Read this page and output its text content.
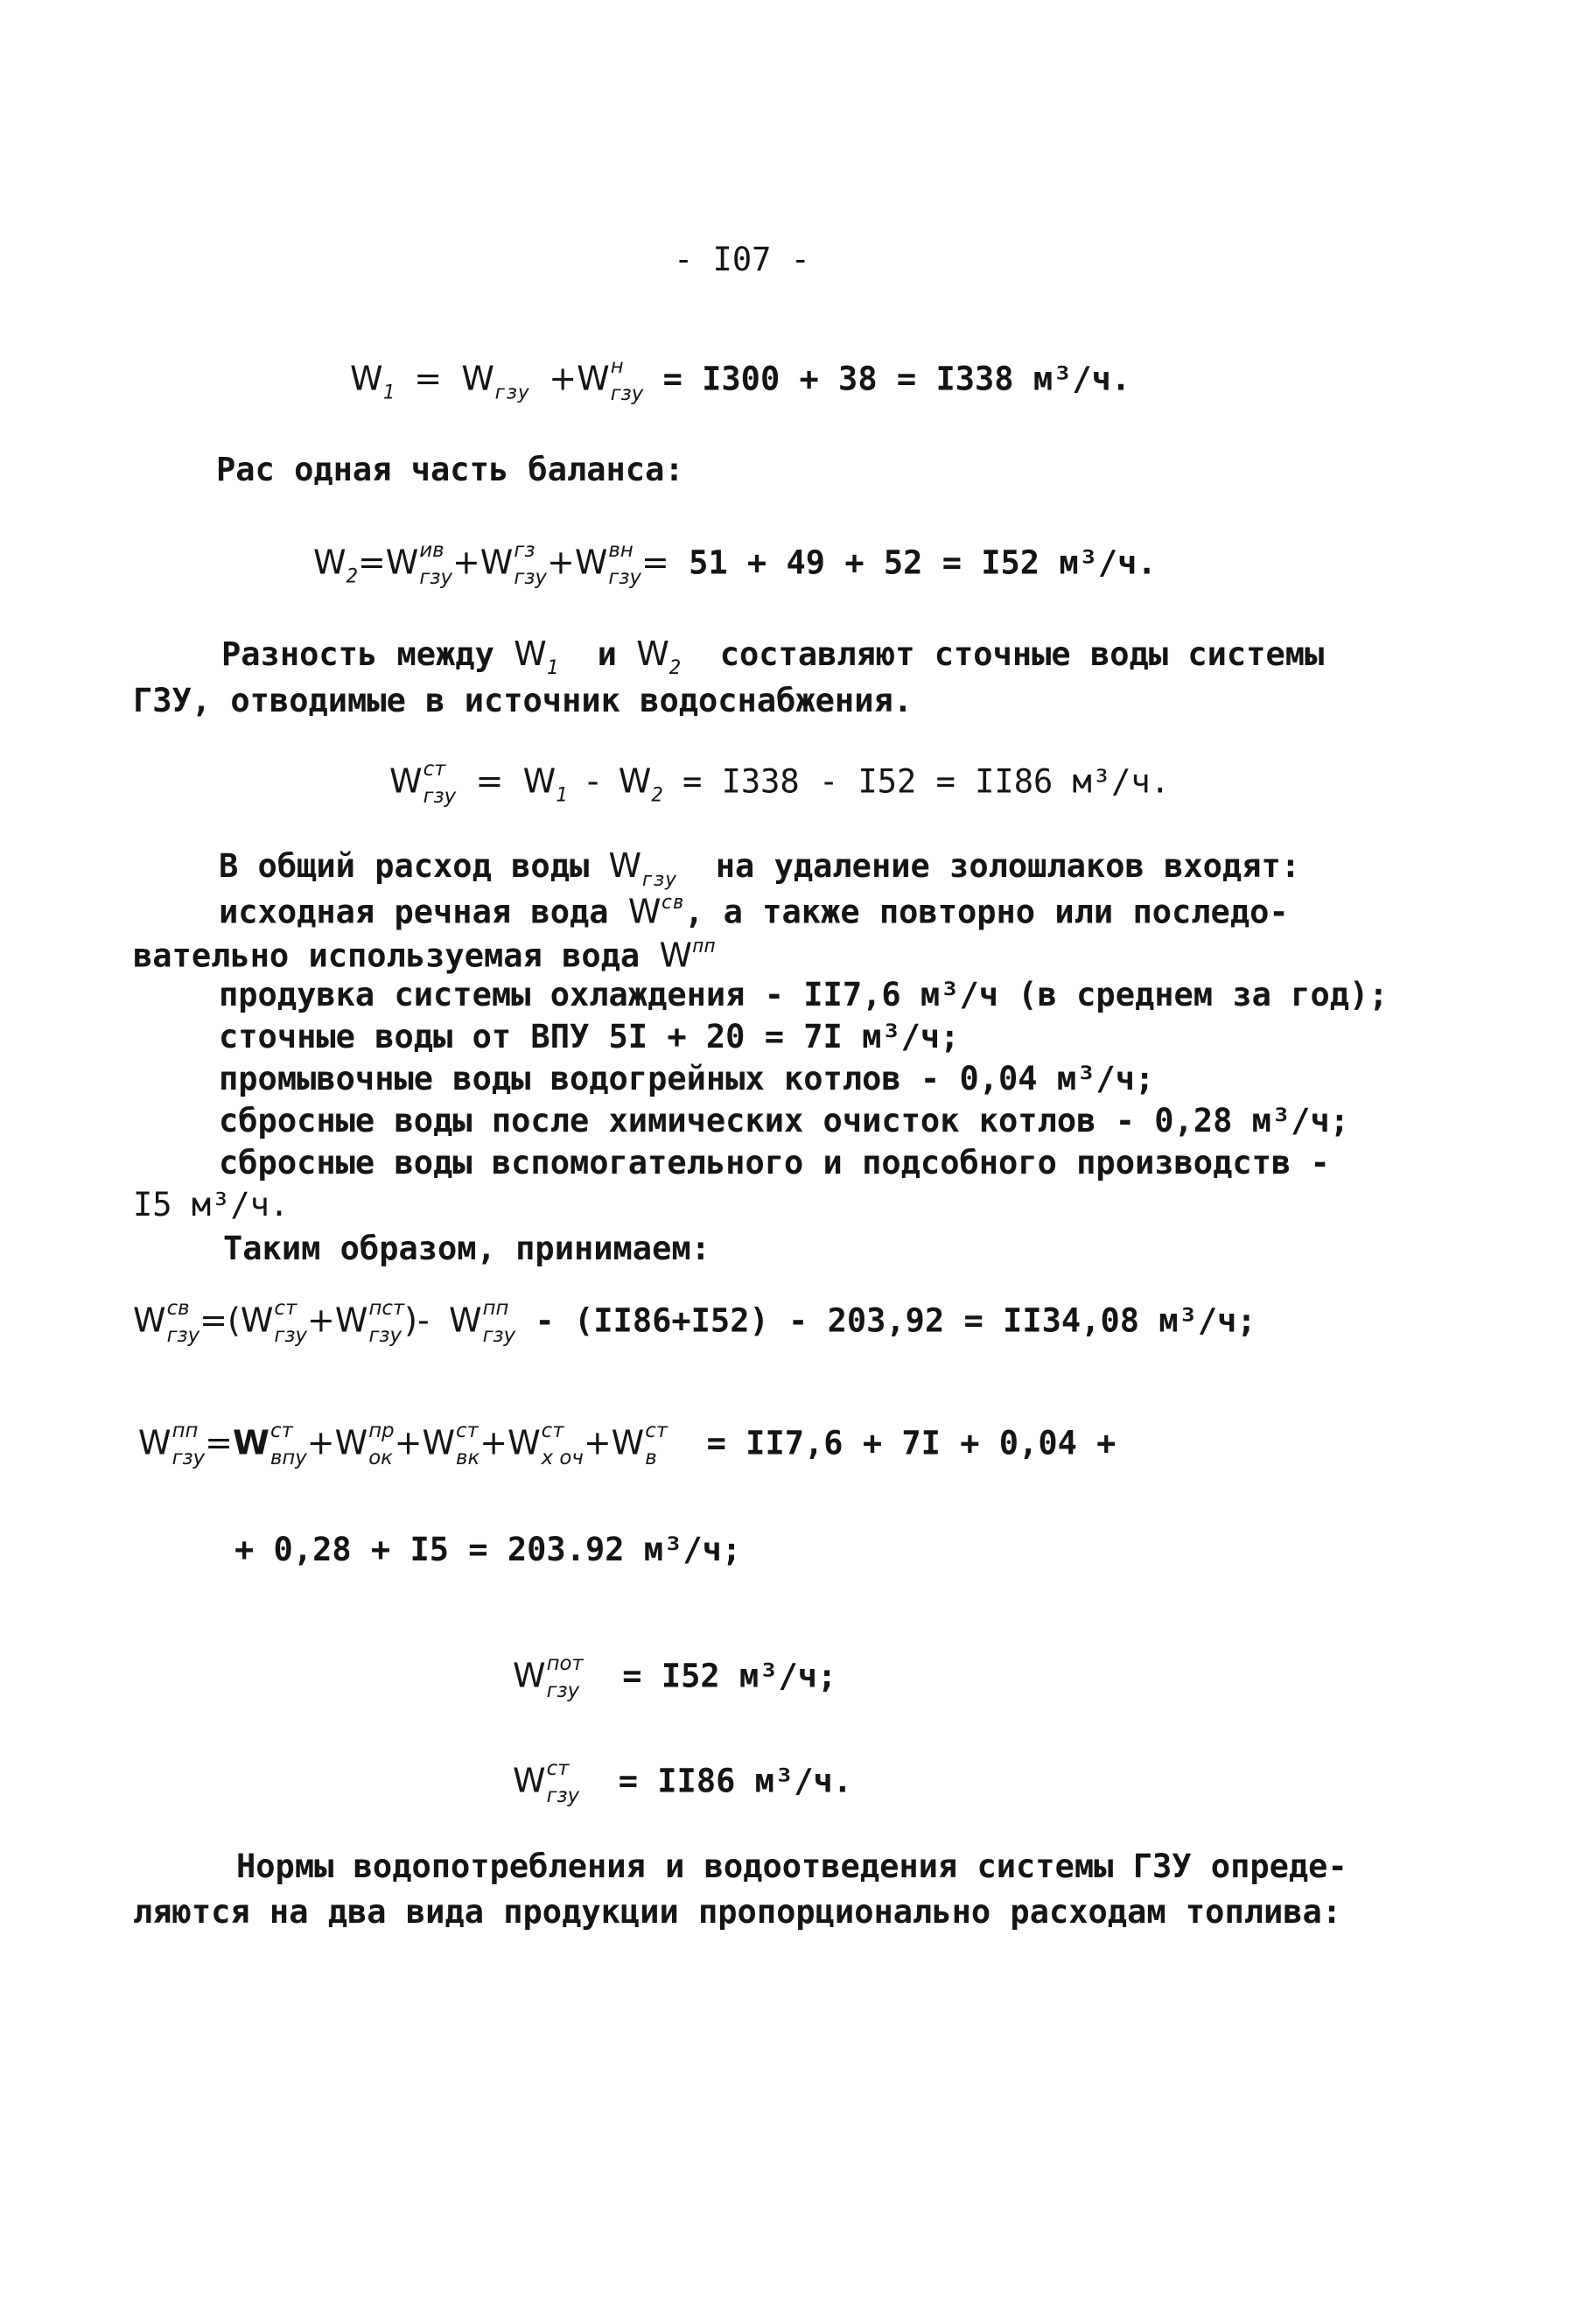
- I07 -
$W_1 = W_{гзу} +W$ н
гзу = I300 + 38 = I338 м³/ч.
Рас одная часть баланса:
$W_2=W$ ив
гзу +W гз
гзу +W вн
гзу = 51 + 49 + 52 = I52 м³/ч.
Разность между $W_1$ и $W_2$ составляют сточные воды системы
ГЗУ, отводимые в источник водоснабжения.
W ст
гзу = $W_1 - W_2 = I338 - I52 = II86$ м³/ч.
В общий расход воды $W_{гзу}$ на удаление золошлаков входят:
исходная речная вода $W^{св}$, а также повторно или последо-
вательно используемая вода $W^{пп}$
продувка системы охлаждения - II7,6 м³/ч (в среднем за год);
сточные воды от ВПУ 5I + 20 = 7I м³/ч;
промывочные воды водогрейных котлов - 0,04 м³/ч;
сбросные воды после химических очисток котлов - 0,28 м³/ч;
сбросные воды вспомогательного и подсобного производств -
I5 м³/ч.
Таким образом, принимаем:
W св
гзу =(W ст
гзу +W пст
гзу )- W пп
гзу - (II86+I52) - 203,92 = II34,08 м³/ч;
W пп
гзу =W ст
впу +W пр
ок +W ст
вк +W ст
х оч +W ст
в	= II7,6 + 7I + 0,04 +
+ 0,28 + I5 = 203.92 м³/ч;
W пот
гзу = I52 м³/ч;
W ст
гзу = II86 м³/ч.
Нормы водопотребления и водоотведения системы ГЗУ опреде-
ляются на два вида продукции пропорционально расходам топлива:
